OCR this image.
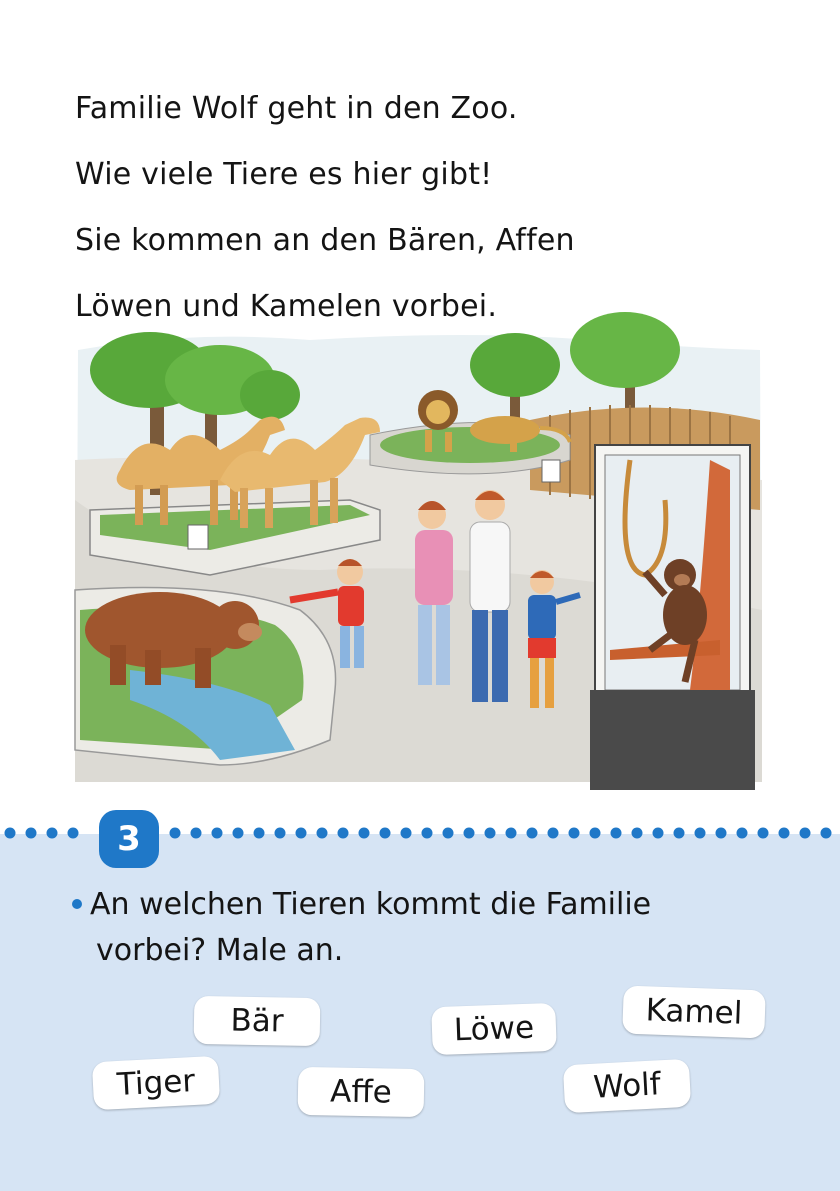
Familie Wolf geht in den Zoo.
Wie viele Tiere es hier gibt!
Sie kommen an den Bären, Affen
Löwen und Kamelen vorbei.
3
An welchen Tieren kommt die Familie
vorbei? Male an.
Bär	Löwe	Kamel
Tiger	Affe	Wolf
